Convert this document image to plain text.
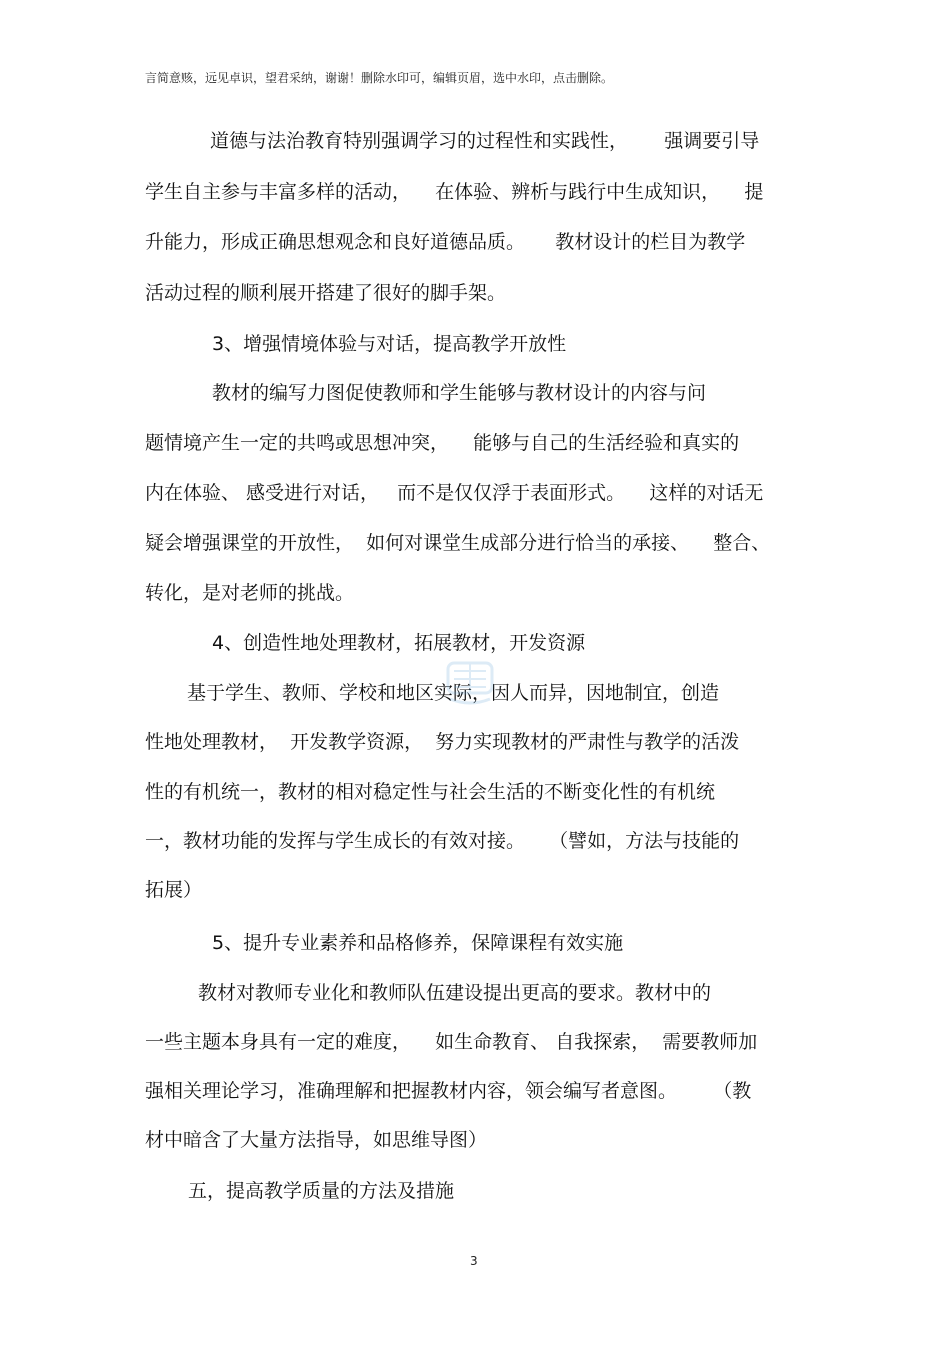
言简意赅，远见卓识，望君采纳，谢谢！删除水印可，编辑页眉，选中水印，点击删除。
道德与法治教育特别强调学习的过程性和实践性，      强调要引导
学生自主参与丰富多样的活动，    在体验、辨析与践行中生成知识，    提
升能力，形成正确思想观念和良好道德品质。     教材设计的栏目为教学
活动过程的顺利展开搭建了很好的脚手架。
3、增强情境体验与对话，提高教学开放性
教材的编写力图促使教师和学生能够与教材设计的内容与问
题情境产生一定的共鸣或思想冲突，    能够与自己的生活经验和真实的
内在体验、 感受进行对话，   而不是仅仅浮于表面形式。    这样的对话无
疑会增强课堂的开放性，  如何对课堂生成部分进行恰当的承接、    整合、
转化，是对老师的挑战。
4、创造性地处理教材，拓展教材，开发资源
基于学生、教师、学校和地区实际，因人而异，因地制宜，创造
性地处理教材，  开发教学资源，  努力实现教材的严肃性与教学的活泼
性的有机统一，教材的相对稳定性与社会生活的不断变化性的有机统
一，教材功能的发挥与学生成长的有效对接。    （譬如，方法与技能的
拓展）
5、提升专业素养和品格修养，保障课程有效实施
教材对教师专业化和教师队伍建设提出更高的要求。教材中的
一些主题本身具有一定的难度，    如生命教育、 自我探索，  需要教师加
强相关理论学习，准确理解和把握教材内容，领会编写者意图。      （教
材中暗含了大量方法指导，如思维导图）
五，提高教学质量的方法及措施
3
